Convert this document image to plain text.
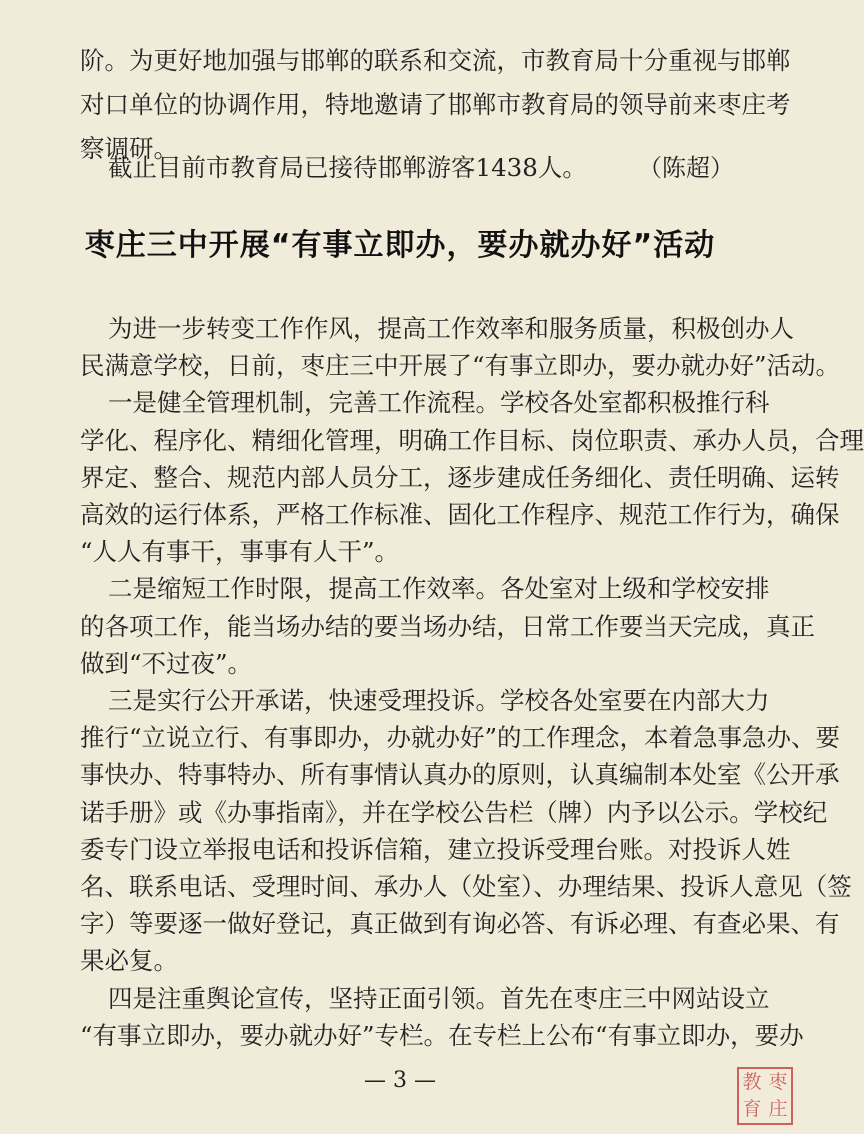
阶。为更好地加强与邯郸的联系和交流，市教育局十分重视与邯郸
对口单位的协调作用，特地邀请了邯郸市教育局的领导前来枣庄考
察调研。
截止目前市教育局已接待邯郸游客1438人。 （陈超）
枣庄三中开展“有事立即办，要办就办好”活动
为进一步转变工作作风，提高工作效率和服务质量，积极创办人
民满意学校，日前，枣庄三中开展了“有事立即办，要办就办好”活动。
一是健全管理机制，完善工作流程。学校各处室都积极推行科
学化、程序化、精细化管理，明确工作目标、岗位职责、承办人员，合理
界定、整合、规范内部人员分工，逐步建成任务细化、责任明确、运转
高效的运行体系，严格工作标准、固化工作程序、规范工作行为，确保
“人人有事干，事事有人干”。
二是缩短工作时限，提高工作效率。各处室对上级和学校安排
的各项工作，能当场办结的要当场办结，日常工作要当天完成，真正
做到“不过夜”。
三是实行公开承诺，快速受理投诉。学校各处室要在内部大力
推行“立说立行、有事即办，办就办好”的工作理念，本着急事急办、要
事快办、特事特办、所有事情认真办的原则，认真编制本处室《公开承
诺手册》或《办事指南》，并在学校公告栏（牌）内予以公示。学校纪
委专门设立举报电话和投诉信箱，建立投诉受理台账。对投诉人姓
名、联系电话、受理时间、承办人（处室）、办理结果、投诉人意见（签
字）等要逐一做好登记，真正做到有询必答、有诉必理、有查必果、有
果必复。
— 3 —	教 枣
育 庄
四是注重舆论宣传，坚持正面引领。首先在枣庄三中网站设立
“有事立即办，要办就办好”专栏。在专栏上公布“有事立即办，要办
